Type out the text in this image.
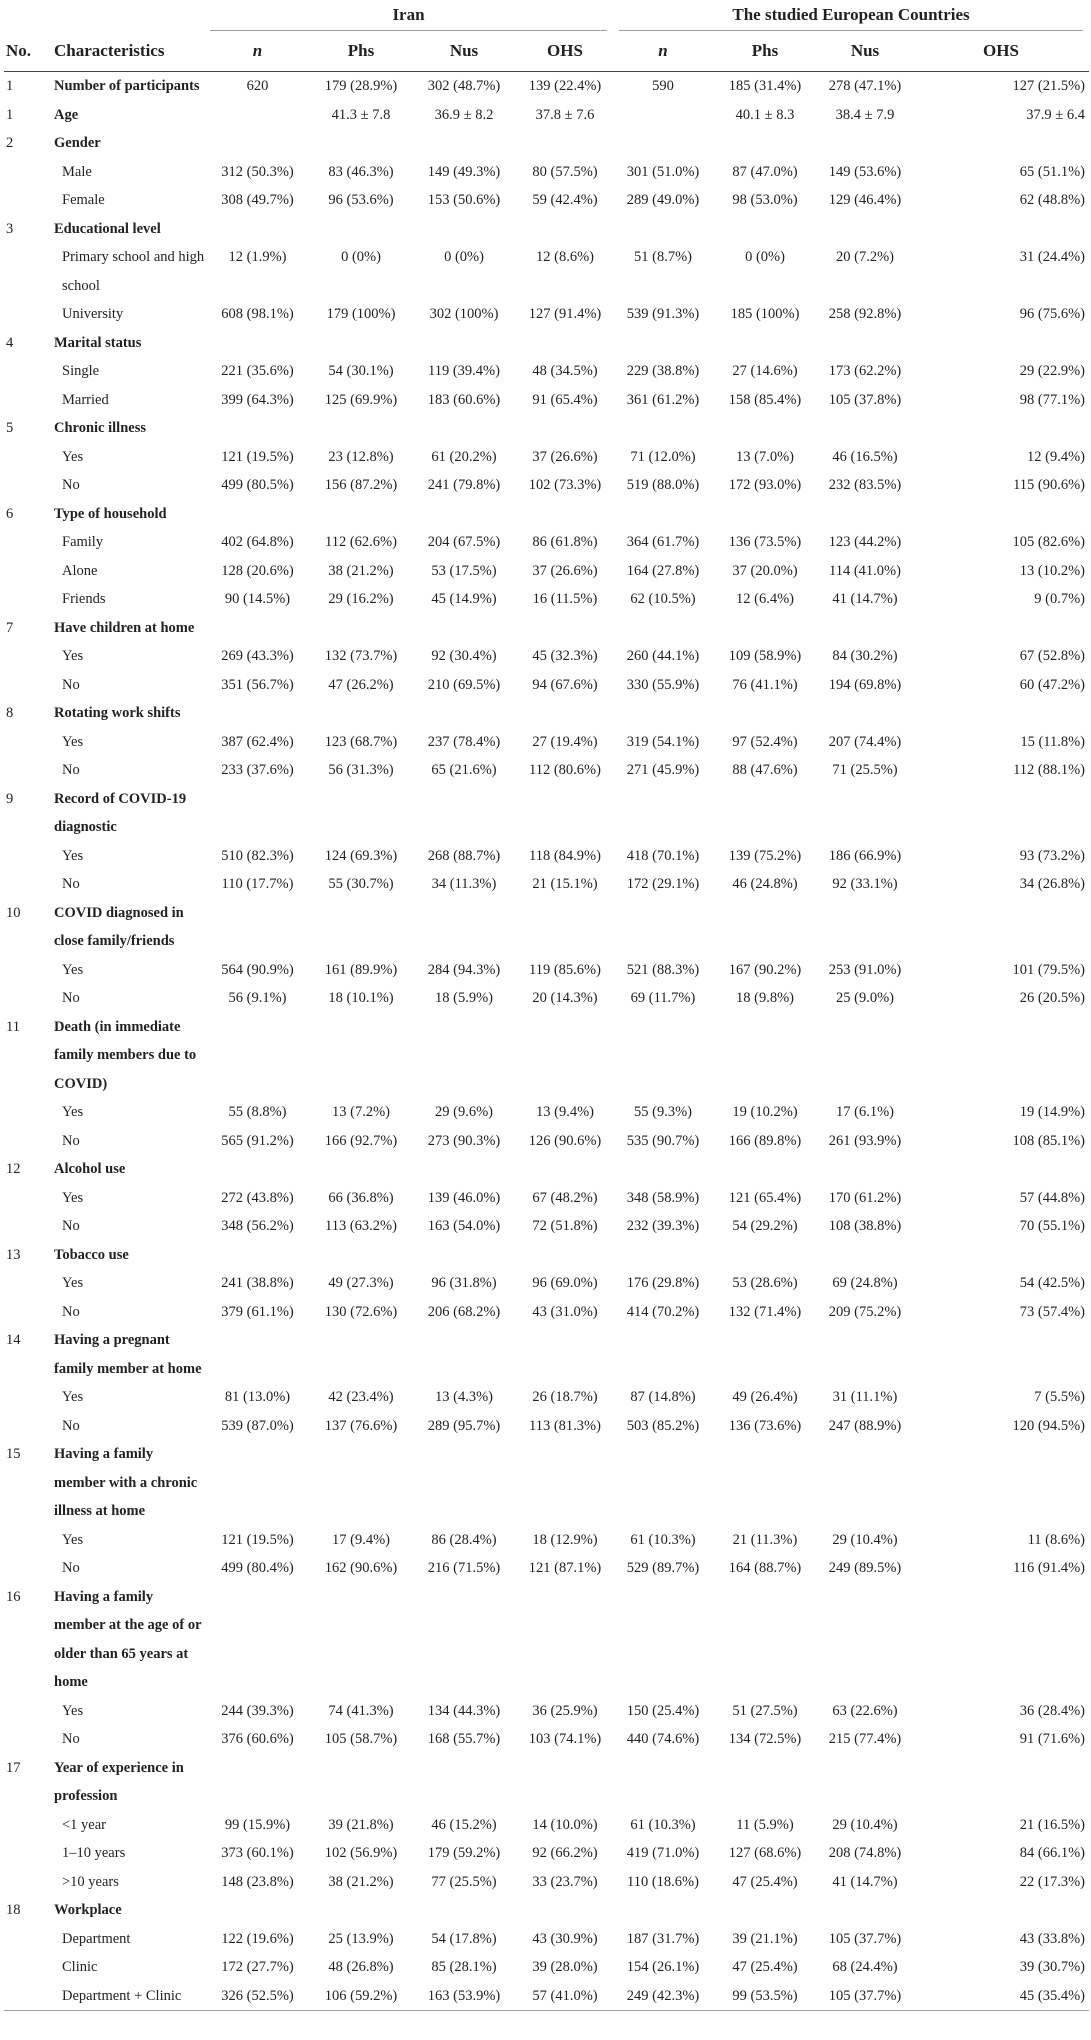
		Iran				The studied European Countries			

No.	Characteristics	n	Phs	Nus	OHS	n	Phs	Nus	OHS
1	Number of participants	620	179 (28.9%)	302 (48.7%)	139 (22.4%)	590	185 (31.4%)	278 (47.1%)	127 (21.5%)
1	Age		41.3 ± 7.8	36.9 ± 8.2	37.8 ± 7.6		40.1 ± 8.3	38.4 ± 7.9	37.9 ± 6.4
2	Gender								
	Male	312 (50.3%)	83 (46.3%)	149 (49.3%)	80 (57.5%)	301 (51.0%)	87 (47.0%)	149 (53.6%)	65 (51.1%)
	Female	308 (49.7%)	96 (53.6%)	153 (50.6%)	59 (42.4%)	289 (49.0%)	98 (53.0%)	129 (46.4%)	62 (48.8%)
3	Educational level								
	Primary school and high	12 (1.9%)	0 (0%)	0 (0%)	12 (8.6%)	51 (8.7%)	0 (0%)	20 (7.2%)	31 (24.4%)
	school								
	University	608 (98.1%)	179 (100%)	302 (100%)	127 (91.4%)	539 (91.3%)	185 (100%)	258 (92.8%)	96 (75.6%)
4	Marital status								
	Single	221 (35.6%)	54 (30.1%)	119 (39.4%)	48 (34.5%)	229 (38.8%)	27 (14.6%)	173 (62.2%)	29 (22.9%)
	Married	399 (64.3%)	125 (69.9%)	183 (60.6%)	91 (65.4%)	361 (61.2%)	158 (85.4%)	105 (37.8%)	98 (77.1%)
5	Chronic illness								
	Yes	121 (19.5%)	23 (12.8%)	61 (20.2%)	37 (26.6%)	71 (12.0%)	13 (7.0%)	46 (16.5%)	12 (9.4%)
	No	499 (80.5%)	156 (87.2%)	241 (79.8%)	102 (73.3%)	519 (88.0%)	172 (93.0%)	232 (83.5%)	115 (90.6%)
6	Type of household								
	Family	402 (64.8%)	112 (62.6%)	204 (67.5%)	86 (61.8%)	364 (61.7%)	136 (73.5%)	123 (44.2%)	105 (82.6%)
	Alone	128 (20.6%)	38 (21.2%)	53 (17.5%)	37 (26.6%)	164 (27.8%)	37 (20.0%)	114 (41.0%)	13 (10.2%)
	Friends	90 (14.5%)	29 (16.2%)	45 (14.9%)	16 (11.5%)	62 (10.5%)	12 (6.4%)	41 (14.7%)	9 (0.7%)
7	Have children at home								
	Yes	269 (43.3%)	132 (73.7%)	92 (30.4%)	45 (32.3%)	260 (44.1%)	109 (58.9%)	84 (30.2%)	67 (52.8%)
	No	351 (56.7%)	47 (26.2%)	210 (69.5%)	94 (67.6%)	330 (55.9%)	76 (41.1%)	194 (69.8%)	60 (47.2%)
8	Rotating work shifts								
	Yes	387 (62.4%)	123 (68.7%)	237 (78.4%)	27 (19.4%)	319 (54.1%)	97 (52.4%)	207 (74.4%)	15 (11.8%)
	No	233 (37.6%)	56 (31.3%)	65 (21.6%)	112 (80.6%)	271 (45.9%)	88 (47.6%)	71 (25.5%)	112 (88.1%)
9	Record of COVID-19								
	diagnostic								
	Yes	510 (82.3%)	124 (69.3%)	268 (88.7%)	118 (84.9%)	418 (70.1%)	139 (75.2%)	186 (66.9%)	93 (73.2%)
	No	110 (17.7%)	55 (30.7%)	34 (11.3%)	21 (15.1%)	172 (29.1%)	46 (24.8%)	92 (33.1%)	34 (26.8%)
10	COVID diagnosed in								
	close family/friends								
	Yes	564 (90.9%)	161 (89.9%)	284 (94.3%)	119 (85.6%)	521 (88.3%)	167 (90.2%)	253 (91.0%)	101 (79.5%)
	No	56 (9.1%)	18 (10.1%)	18 (5.9%)	20 (14.3%)	69 (11.7%)	18 (9.8%)	25 (9.0%)	26 (20.5%)
11	Death (in immediate								
	family members due to								
	COVID)								
	Yes	55 (8.8%)	13 (7.2%)	29 (9.6%)	13 (9.4%)	55 (9.3%)	19 (10.2%)	17 (6.1%)	19 (14.9%)
	No	565 (91.2%)	166 (92.7%)	273 (90.3%)	126 (90.6%)	535 (90.7%)	166 (89.8%)	261 (93.9%)	108 (85.1%)
12	Alcohol use								
	Yes	272 (43.8%)	66 (36.8%)	139 (46.0%)	67 (48.2%)	348 (58.9%)	121 (65.4%)	170 (61.2%)	57 (44.8%)
	No	348 (56.2%)	113 (63.2%)	163 (54.0%)	72 (51.8%)	232 (39.3%)	54 (29.2%)	108 (38.8%)	70 (55.1%)
13	Tobacco use								
	Yes	241 (38.8%)	49 (27.3%)	96 (31.8%)	96 (69.0%)	176 (29.8%)	53 (28.6%)	69 (24.8%)	54 (42.5%)
	No	379 (61.1%)	130 (72.6%)	206 (68.2%)	43 (31.0%)	414 (70.2%)	132 (71.4%)	209 (75.2%)	73 (57.4%)
14	Having a pregnant								
	family member at home								
	Yes	81 (13.0%)	42 (23.4%)	13 (4.3%)	26 (18.7%)	87 (14.8%)	49 (26.4%)	31 (11.1%)	7 (5.5%)
	No	539 (87.0%)	137 (76.6%)	289 (95.7%)	113 (81.3%)	503 (85.2%)	136 (73.6%)	247 (88.9%)	120 (94.5%)
15	Having a family								
	member with a chronic								
	illness at home								
	Yes	121 (19.5%)	17 (9.4%)	86 (28.4%)	18 (12.9%)	61 (10.3%)	21 (11.3%)	29 (10.4%)	11 (8.6%)
	No	499 (80.4%)	162 (90.6%)	216 (71.5%)	121 (87.1%)	529 (89.7%)	164 (88.7%)	249 (89.5%)	116 (91.4%)
16	Having a family								
	member at the age of or								
	older than 65 years at								
	home								
	Yes	244 (39.3%)	74 (41.3%)	134 (44.3%)	36 (25.9%)	150 (25.4%)	51 (27.5%)	63 (22.6%)	36 (28.4%)
	No	376 (60.6%)	105 (58.7%)	168 (55.7%)	103 (74.1%)	440 (74.6%)	134 (72.5%)	215 (77.4%)	91 (71.6%)
17	Year of experience in								
	profession								
	<1 year	99 (15.9%)	39 (21.8%)	46 (15.2%)	14 (10.0%)	61 (10.3%)	11 (5.9%)	29 (10.4%)	21 (16.5%)
	1–10 years	373 (60.1%)	102 (56.9%)	179 (59.2%)	92 (66.2%)	419 (71.0%)	127 (68.6%)	208 (74.8%)	84 (66.1%)
	>10 years	148 (23.8%)	38 (21.2%)	77 (25.5%)	33 (23.7%)	110 (18.6%)	47 (25.4%)	41 (14.7%)	22 (17.3%)
18	Workplace								
	Department	122 (19.6%)	25 (13.9%)	54 (17.8%)	43 (30.9%)	187 (31.7%)	39 (21.1%)	105 (37.7%)	43 (33.8%)
	Clinic	172 (27.7%)	48 (26.8%)	85 (28.1%)	39 (28.0%)	154 (26.1%)	47 (25.4%)	68 (24.4%)	39 (30.7%)
	Department + Clinic	326 (52.5%)	106 (59.2%)	163 (53.9%)	57 (41.0%)	249 (42.3%)	99 (53.5%)	105 (37.7%)	45 (35.4%)
